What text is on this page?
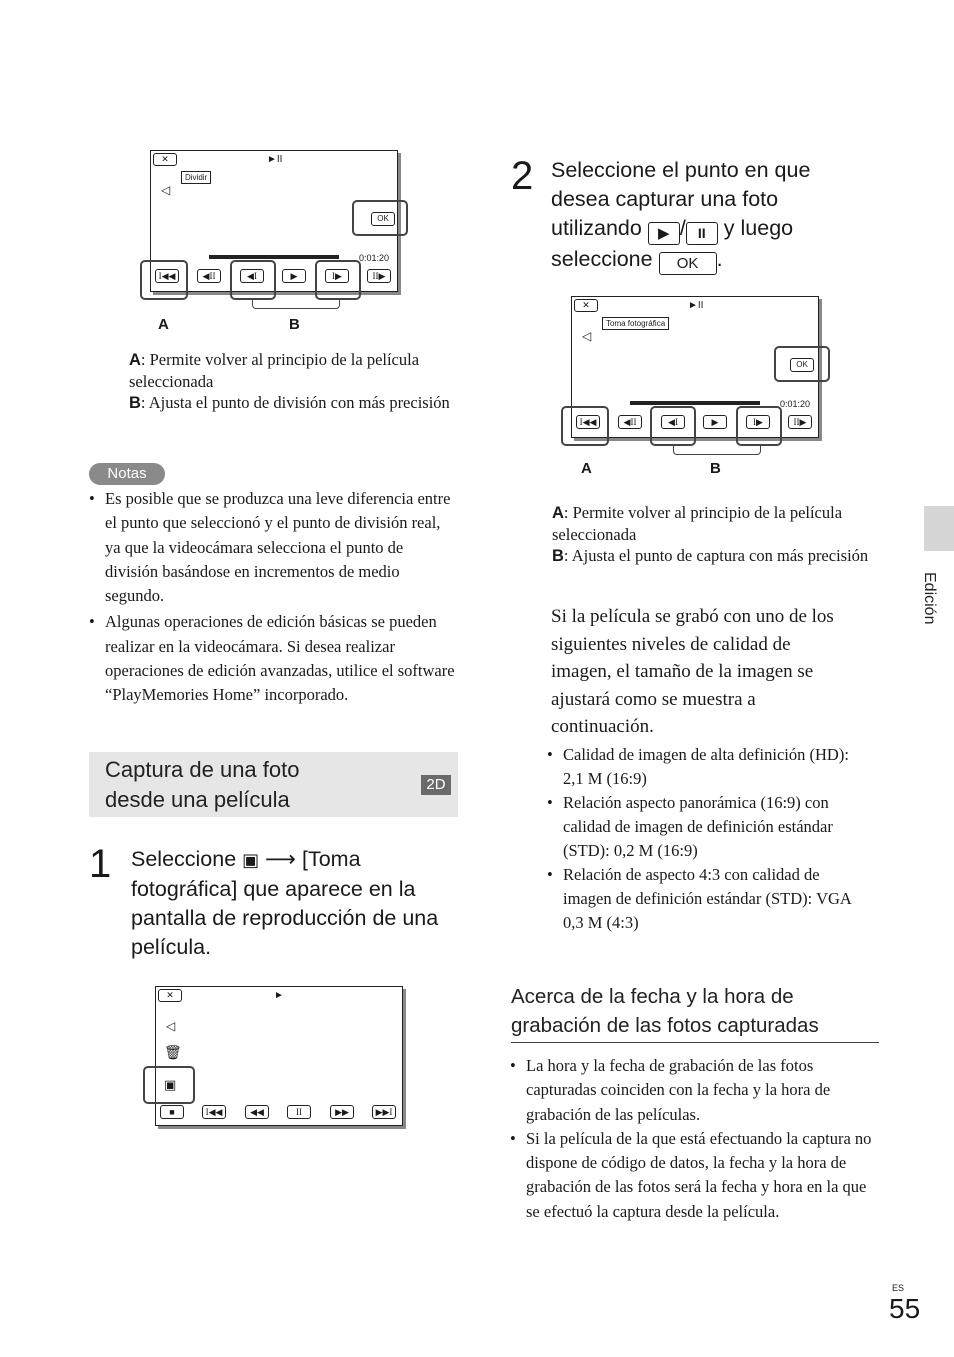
✕	►II
Dividir
◁
OK
0:01:20
I◀◀	◀II	◀I	▶	I▶	II▶
A	B
A: Permite volver al principio de la película seleccionada
B: Ajusta el punto de división con más precisión
Notas
• Es posible que se produzca una leve diferencia entre el punto que seleccionó y el punto de división real, ya que la videocámara selecciona el punto de división basándose en incrementos de medio segundo.
• Algunas operaciones de edición básicas se pueden realizar en la videocámara. Si desea realizar operaciones de edición avanzadas, utilice el software “PlayMemories Home” incorporado.
Captura de una foto
desde una película
2D
1 Seleccione ▣ ⟶ [Toma fotográfica] que aparece en la pantalla de reproducción de una película.
✕	►
◁
🗑
▣
■	I◀◀	◀◀	II	▶▶	▶▶I
2 Seleccione el punto en que
desea capturar una foto
utilizando ▶ / II y luego
seleccione OK .
✕	►II
Toma fotográfica
◁
OK
0:01:20
I◀◀	◀II	◀I	▶	I▶	II▶
A	B
A: Permite volver al principio de la película seleccionada
B: Ajusta el punto de captura con más precisión
Si la película se grabó con uno de los siguientes niveles de calidad de imagen, el tamaño de la imagen se ajustará como se muestra a continuación.
• Calidad de imagen de alta definición (HD): 2,1 M (16:9)
• Relación aspecto panorámica (16:9) con calidad de imagen de definición estándar (STD): 0,2 M (16:9)
• Relación de aspecto 4:3 con calidad de imagen de definición estándar (STD): VGA 0,3 M (4:3)
Acerca de la fecha y la hora de
grabación de las fotos capturadas
• La hora y la fecha de grabación de las fotos capturadas coinciden con la fecha y la hora de grabación de las películas.
• Si la película de la que está efectuando la captura no dispone de código de datos, la fecha y la hora de grabación de las fotos será la fecha y hora en la que se efectuó la captura desde la película.
Edición
ES
55
